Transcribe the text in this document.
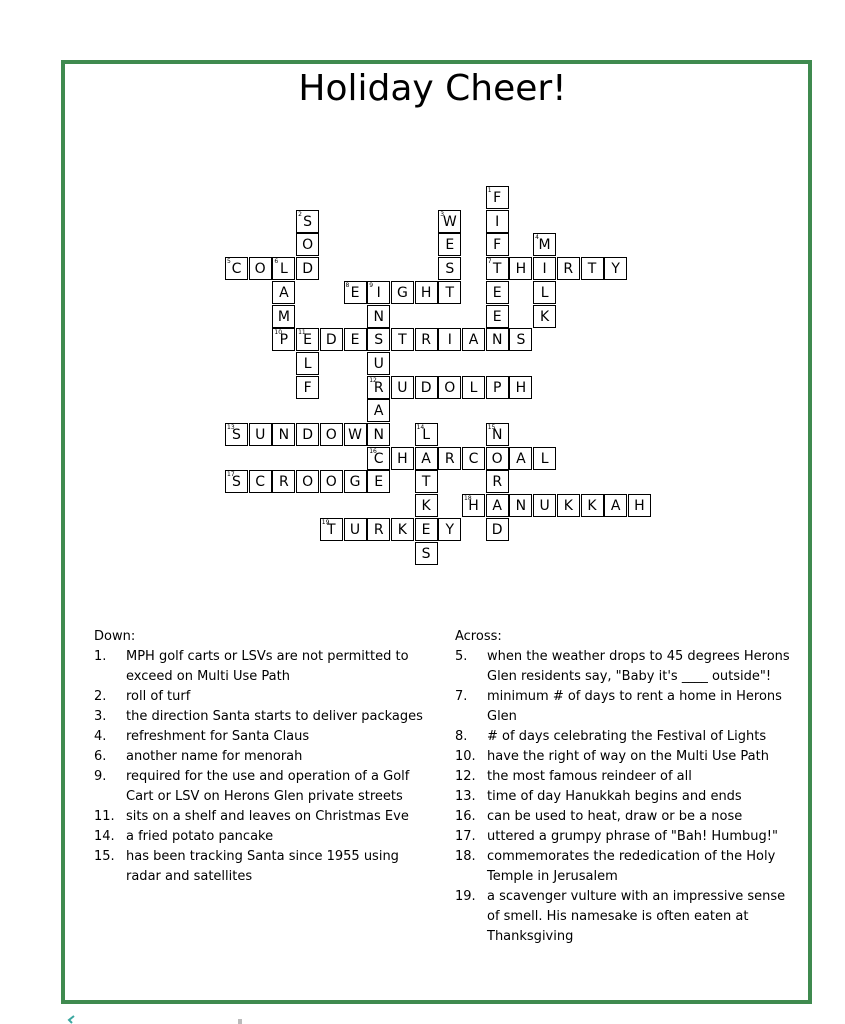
Holiday Cheer!
1 F
2 S	3
W	I
O	E	F	4 M
5 C O	6 L	D	S	7 T	H	I	R	T	Y
A	8 E	9 I	G H	T	E	L
M	N	E	K
10
P	11
E D E	S	T	R	I	A N	S
L	U
F	12
R U D O	L	P	H
A
13
S	U N D O W N	14
L	15
N
16
C H A	R C O A	L
17
S	C R O O G E	T	R
K	18
H A N U K	K	A H
19
T	U R	K	E	Y	D
S
Down:
1.	MPH golf carts or LSVs are not permitted to exceed on Multi Use Path
2.	roll of turf
3.	the direction Santa starts to deliver packages
4.	refreshment for Santa Claus
6.	another name for menorah
9.	required for the use and operation of a Golf Cart or LSV on Herons Glen private streets
11. sits on a shelf and leaves on Christmas Eve
14. a fried potato pancake
15. has been tracking Santa since 1955 using radar and satellites
Across:
5.	when the weather drops to 45 degrees Herons Glen residents say, "Baby it's ____ outside"!
7.	minimum # of days to rent a home in Herons Glen
8.	# of days celebrating the Festival of Lights
10. have the right of way on the Multi Use Path
12. the most famous reindeer of all
13. time of day Hanukkah begins and ends
16. can be used to heat, draw or be a nose
17. uttered a grumpy phrase of "Bah! Humbug!"
18. commemorates the rededication of the Holy Temple in Jerusalem
19. a scavenger vulture with an impressive sense of smell. His namesake is often eaten at Thanksgiving
